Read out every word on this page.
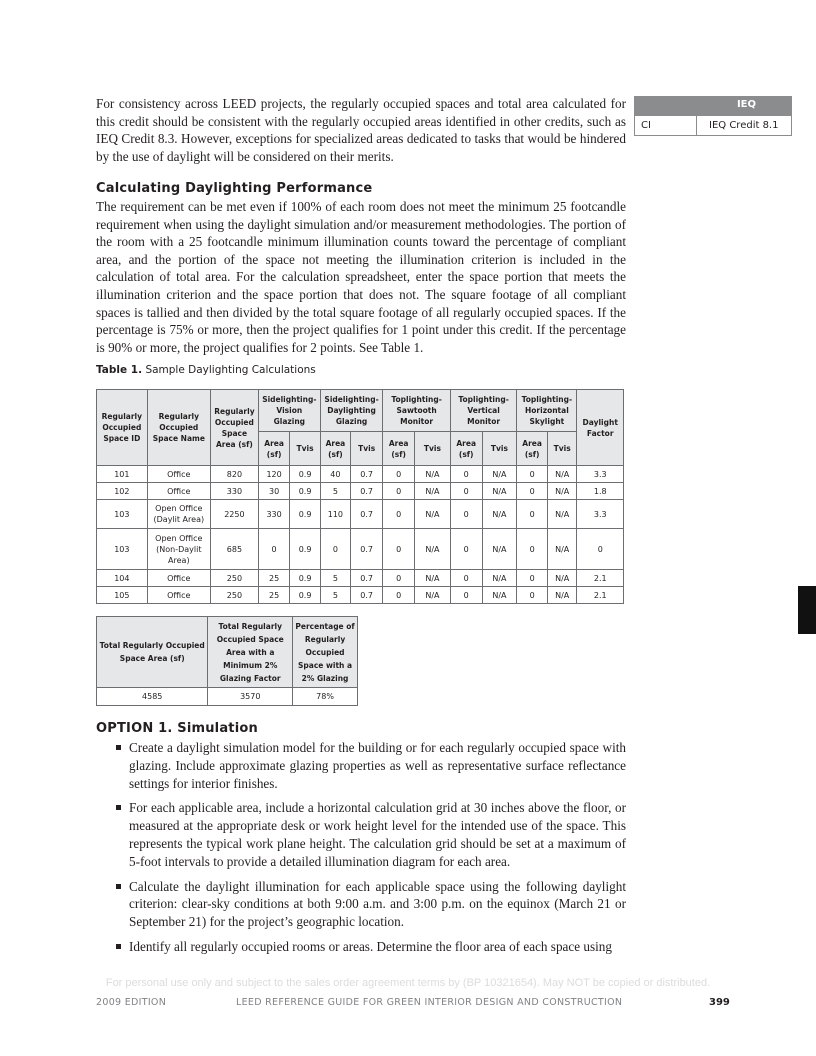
IEQ
CI	IEQ Credit 8.1

For consistency across LEED projects, the regularly occupied spaces and total area calculated for this credit should be consistent with the regularly occupied areas identified in other credits, such as IEQ Credit 8.3. However, exceptions for specialized areas dedicated to tasks that would be hindered by the use of daylight will be considered on their merits.

Calculating Daylighting Performance

The requirement can be met even if 100% of each room does not meet the minimum 25 footcandle requirement when using the daylight simulation and/or measurement methodologies. The portion of the room with a 25 footcandle minimum illumination counts toward the percentage of compliant area, and the portion of the space not meeting the illumination criterion is included in the calculation of total area. For the calculation spreadsheet, enter the space portion that meets the illumination criterion and the space portion that does not. The square footage of all compliant spaces is tallied and then divided by the total square footage of all regularly occupied spaces. If the percentage is 75% or more, then the project qualifies for 1 point under this credit. If the percentage is 90% or more, the project qualifies for 2 points. See Table 1.

Table 1. Sample Daylighting Calculations
Regularly Occupied Space ID	Regularly Occupied Space Name	Regularly Occupied Space Area (sf)	Sidelighting-Vision Glazing		Sidelighting-Daylighting Glazing		Toplighting-Sawtooth Monitor		Toplighting-Vertical Monitor		Toplighting-Horizontal Skylight		Daylight Factor
			Area (sf)	Tvis	Area (sf)	Tvis	Area (sf)	Tvis	Area (sf)	Tvis	Area (sf)	Tvis	
101	Office	820	120	0.9	40	0.7	0	N/A	0	N/A	0	N/A	3.3
102	Office	330	30	0.9	5	0.7	0	N/A	0	N/A	0	N/A	1.8
103	Open Office (Daylit Area)	2250	330	0.9	110	0.7	0	N/A	0	N/A	0	N/A	3.3
103	Open Office (Non-Daylit Area)	685	0	0.9	0	0.7	0	N/A	0	N/A	0	N/A	0
104	Office	250	25	0.9	5	0.7	0	N/A	0	N/A	0	N/A	2.1
105	Office	250	25	0.9	5	0.7	0	N/A	0	N/A	0	N/A	2.1
Total Regularly Occupied Space Area (sf)	Total Regularly Occupied Space Area with a Minimum 2% Glazing Factor	Percentage of Regularly Occupied Space with a 2% Glazing
4585	3570	78%
OPTION 1. Simulation
Create a daylight simulation model for the building or for each regularly occupied space with glazing. Include approximate glazing properties as well as representative surface reflectance settings for interior finishes.
For each applicable area, include a horizontal calculation grid at 30 inches above the floor, or measured at the appropriate desk or work height level for the intended use of the space. This represents the typical work plane height. The calculation grid should be set at a maximum of 5-foot intervals to provide a detailed illumination diagram for each area.
Calculate the daylight illumination for each applicable space using the following daylight criterion: clear-sky conditions at both 9:00 a.m. and 3:00 p.m. on the equinox (March 21 or September 21) for the project’s geographic location.
Identify all regularly occupied rooms or areas. Determine the floor area of each space using
For personal use only and subject to the sales order agreement terms by (BP 10321654). May NOT be copied or distributed.
2009 EDITION	LEED REFERENCE GUIDE FOR GREEN INTERIOR DESIGN AND CONSTRUCTION	399
